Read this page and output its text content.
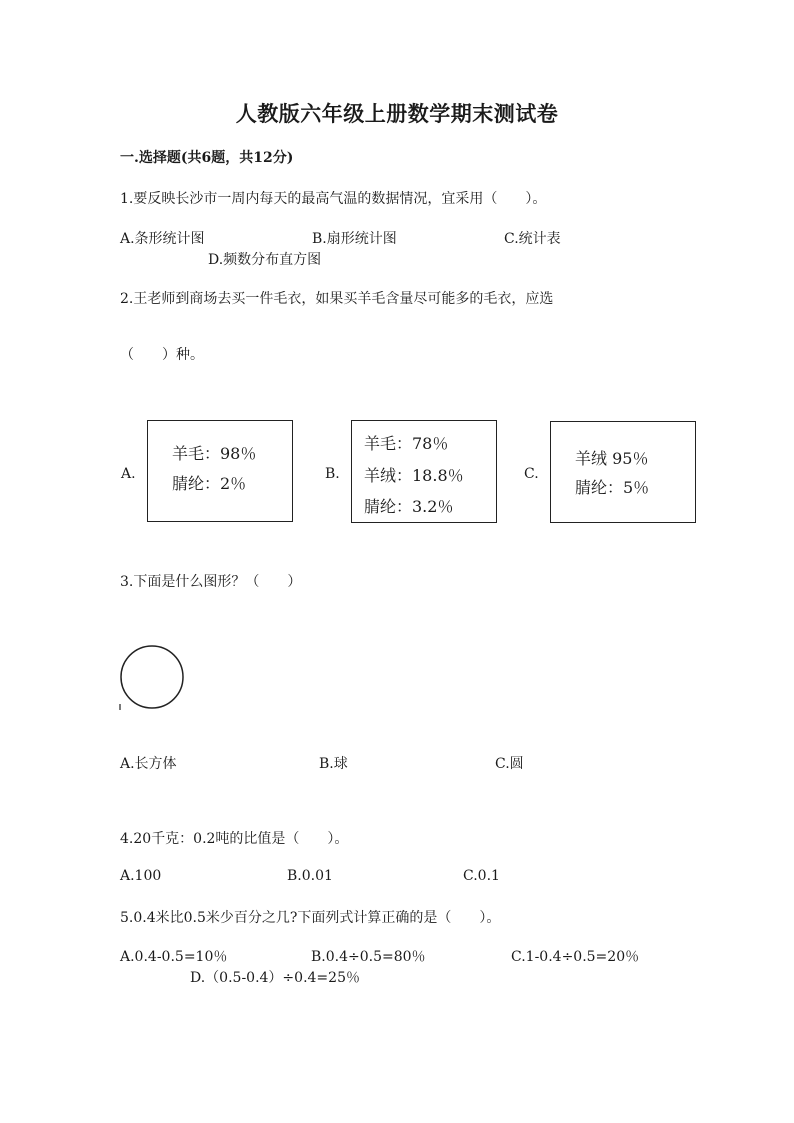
人教版六年级上册数学期末测试卷
一.选择题(共6题，共12分)
1.要反映长沙市一周内每天的最高气温的数据情况，宜采用（　　）。
A.条形统计图	B.扇形统计图	C.统计表
D.频数分布直方图
2.王老师到商场去买一件毛衣，如果买羊毛含量尽可能多的毛衣，应选
（　　）种。
A.
羊毛：98％
腈纶：2％	B.
羊毛：78％
羊绒：18.8％
腈纶：3.2％
C.
羊绒 95％
腈纶：5％
3.下面是什么图形？（　　）
A.长方体	B.球	C.圆
4.20千克：0.2吨的比值是（　　）。
A.100	B.0.01	C.0.1
5.0.4米比0.5米少百分之几?下面列式计算正确的是（　　）。
A.0.4-0.5=10％	B.0.4÷0.5=80％	C.1-0.4÷0.5=20％
D.（0.5-0.4）÷0.4=25％
